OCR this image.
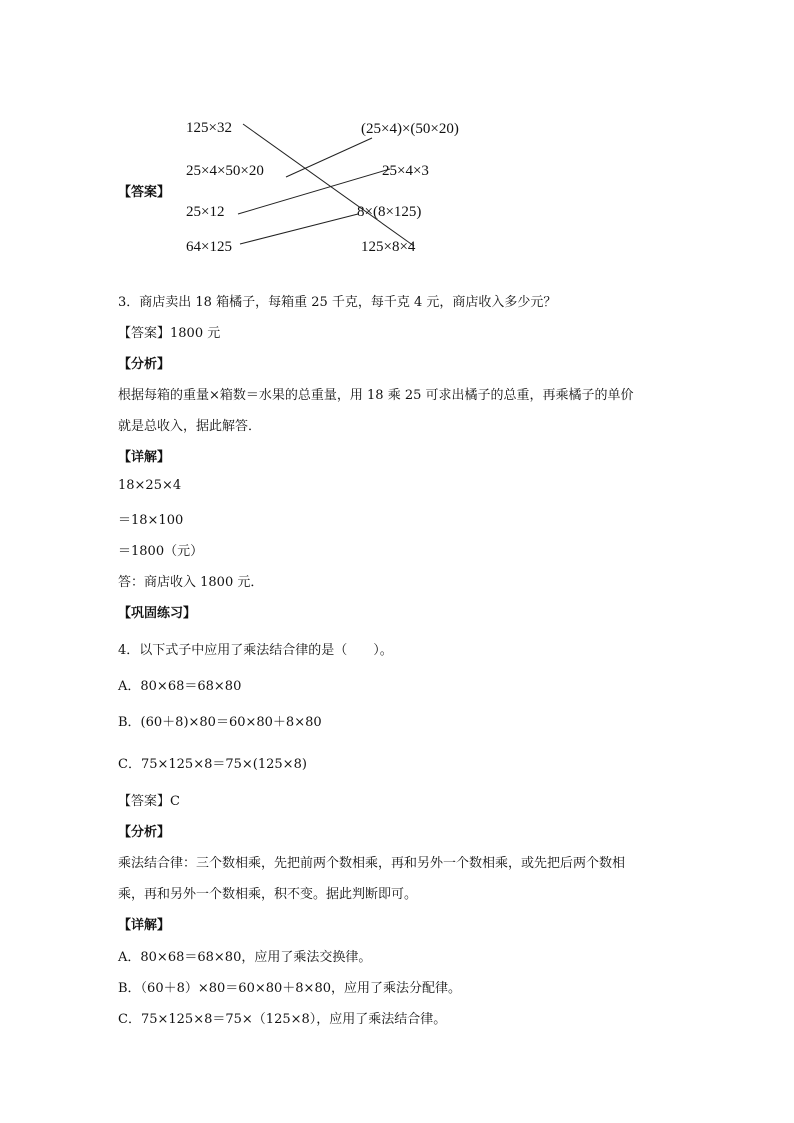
125×32
25×4×50×20
25×12
64×125
(25×4)×(50×20)
25×4×3
8×(8×125)
125×8×4
【答案】
3．商店卖出 18 箱橘子，每箱重 25 千克，每千克 4 元，商店收入多少元？
【答案】1800 元
【分析】
根据每箱的重量×箱数＝水果的总重量，用 18 乘 25 可求出橘子的总重，再乘橘子的单价
就是总收入，据此解答．
【详解】
18×25×4
＝18×100
＝1800（元）
答：商店收入 1800 元．
【巩固练习】
4．以下式子中应用了乘法结合律的是（　　）。
A．80×68＝68×80
B．(60＋8)×80＝60×80＋8×80
C．75×125×8＝75×(125×8)
【答案】C
【分析】
乘法结合律：三个数相乘，先把前两个数相乘，再和另外一个数相乘，或先把后两个数相
乘，再和另外一个数相乘，积不变。据此判断即可。
【详解】
A．80×68＝68×80，应用了乘法交换律。
B．（60＋8）×80＝60×80＋8×80，应用了乘法分配律。
C．75×125×8＝75×（125×8），应用了乘法结合律。
